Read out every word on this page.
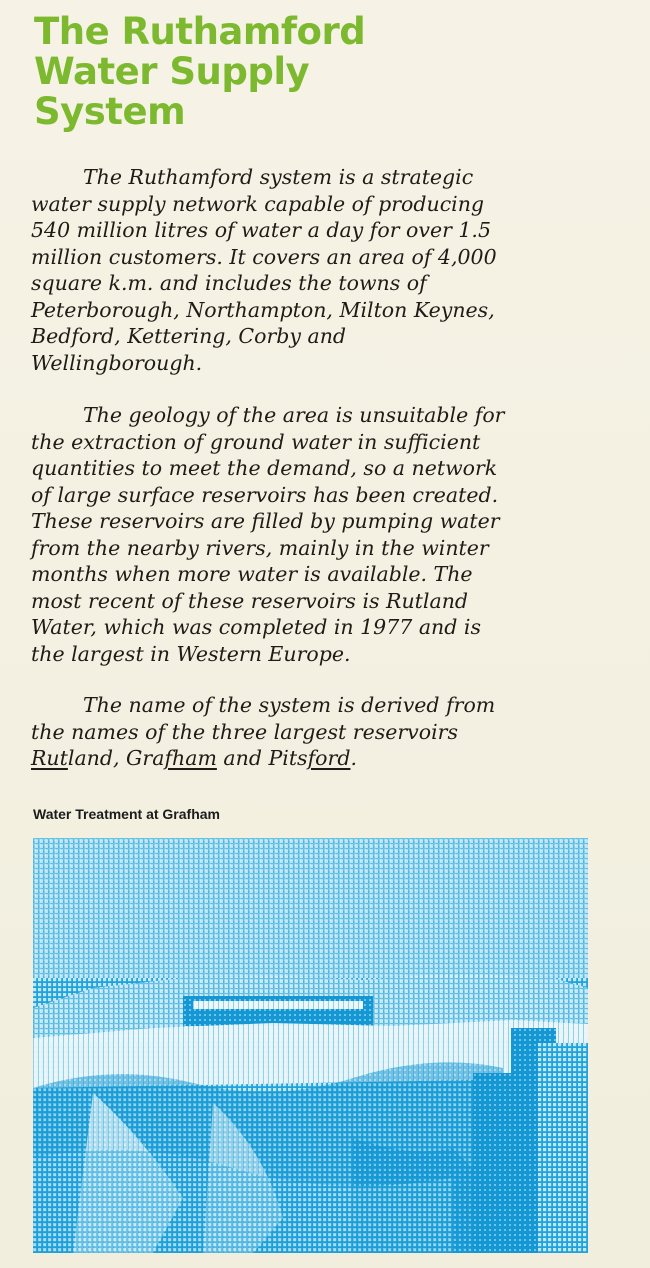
The Ruthamford
Water Supply
System
The Ruthamford system is a strategic
water supply network capable of producing
540 million litres of water a day for over 1.5
million customers. It covers an area of 4,000
square k.m. and includes the towns of
Peterborough, Northampton, Milton Keynes,
Bedford, Kettering, Corby and
Wellingborough.
The geology of the area is unsuitable for
the extraction of ground water in sufficient
quantities to meet the demand, so a network
of large surface reservoirs has been created.
These reservoirs are filled by pumping water
from the nearby rivers, mainly in the winter
months when more water is available. The
most recent of these reservoirs is Rutland
Water, which was completed in 1977 and is
the largest in Western Europe.
The name of the system is derived from
the names of the three largest reservoirs
Rutland, Grafham and Pitsford.
Water Treatment at Grafham
